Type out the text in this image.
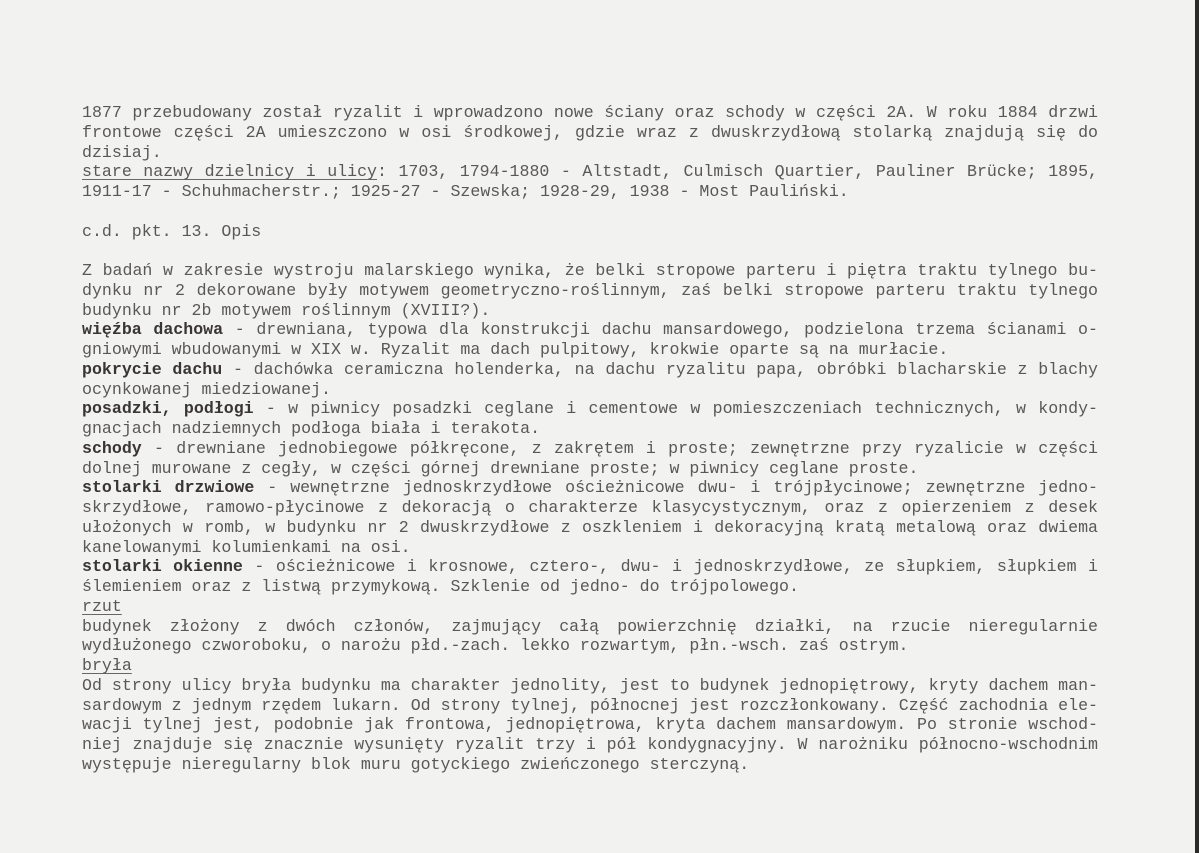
1877 przebudowany został ryzalit i wprowadzono nowe ściany oraz schody w części 2A. W roku 1884 drzwi
frontowe części 2A umieszczono w osi środkowej, gdzie wraz z dwuskrzydłową stolarką znajdują się do
dzisiaj.
stare nazwy dzielnicy i ulicy: 1703, 1794-1880 - Altstadt, Culmisch Quartier, Pauliner Brücke; 1895,
1911-17 - Schuhmacherstr.; 1925-27 - Szewska; 1928-29, 1938 - Most Pauliński.
c.d. pkt. 13. Opis
Z badań w zakresie wystroju malarskiego wynika, że belki stropowe parteru i piętra traktu tylnego bu-
dynku nr 2 dekorowane były motywem geometryczno-roślinnym, zaś belki stropowe parteru traktu tylnego
budynku nr 2b motywem roślinnym (XVIII?).
więźba dachowa - drewniana, typowa dla konstrukcji dachu mansardowego, podzielona trzema ścianami o-
gniowymi wbudowanymi w XIX w. Ryzalit ma dach pulpitowy, krokwie oparte są na murłacie.
pokrycie dachu - dachówka ceramiczna holenderka, na dachu ryzalitu papa, obróbki blacharskie z blachy
ocynkowanej miedziowanej.
posadzki, podłogi - w piwnicy posadzki ceglane i cementowe w pomieszczeniach technicznych, w kondy-
gnacjach nadziemnych podłoga biała i terakota.
schody - drewniane jednobiegowe półkręcone, z zakrętem i proste; zewnętrzne przy ryzalicie w części
dolnej murowane z cegły, w części górnej drewniane proste; w piwnicy ceglane proste.
stolarki drzwiowe - wewnętrzne jednoskrzydłowe ościeżnicowe dwu- i trójpłycinowe; zewnętrzne jedno-
skrzydłowe, ramowo-płycinowe z dekoracją o charakterze klasycystycznym, oraz z opierzeniem z desek
ułożonych w romb, w budynku nr 2 dwuskrzydłowe z oszkleniem i dekoracyjną kratą metalową oraz dwiema
kanelowanymi kolumienkami na osi.
stolarki okienne - ościeżnicowe i krosnowe, cztero-, dwu- i jednoskrzydłowe, ze słupkiem, słupkiem i
ślemieniem oraz z listwą przymykową. Szklenie od jedno- do trójpolowego.
rzut
budynek złożony z dwóch członów, zajmujący całą powierzchnię działki, na rzucie nieregularnie
wydłużonego czworoboku, o narożu płd.-zach. lekko rozwartym, płn.-wsch. zaś ostrym.
bryła
Od strony ulicy bryła budynku ma charakter jednolity, jest to budynek jednopiętrowy, kryty dachem man-
sardowym z jednym rzędem lukarn. Od strony tylnej, północnej jest rozczłonkowany. Część zachodnia ele-
wacji tylnej jest, podobnie jak frontowa, jednopiętrowa, kryta dachem mansardowym. Po stronie wschod-
niej znajduje się znacznie wysunięty ryzalit trzy i pół kondygnacyjny. W narożniku północno-wschodnim
występuje nieregularny blok muru gotyckiego zwieńczonego sterczyną.
